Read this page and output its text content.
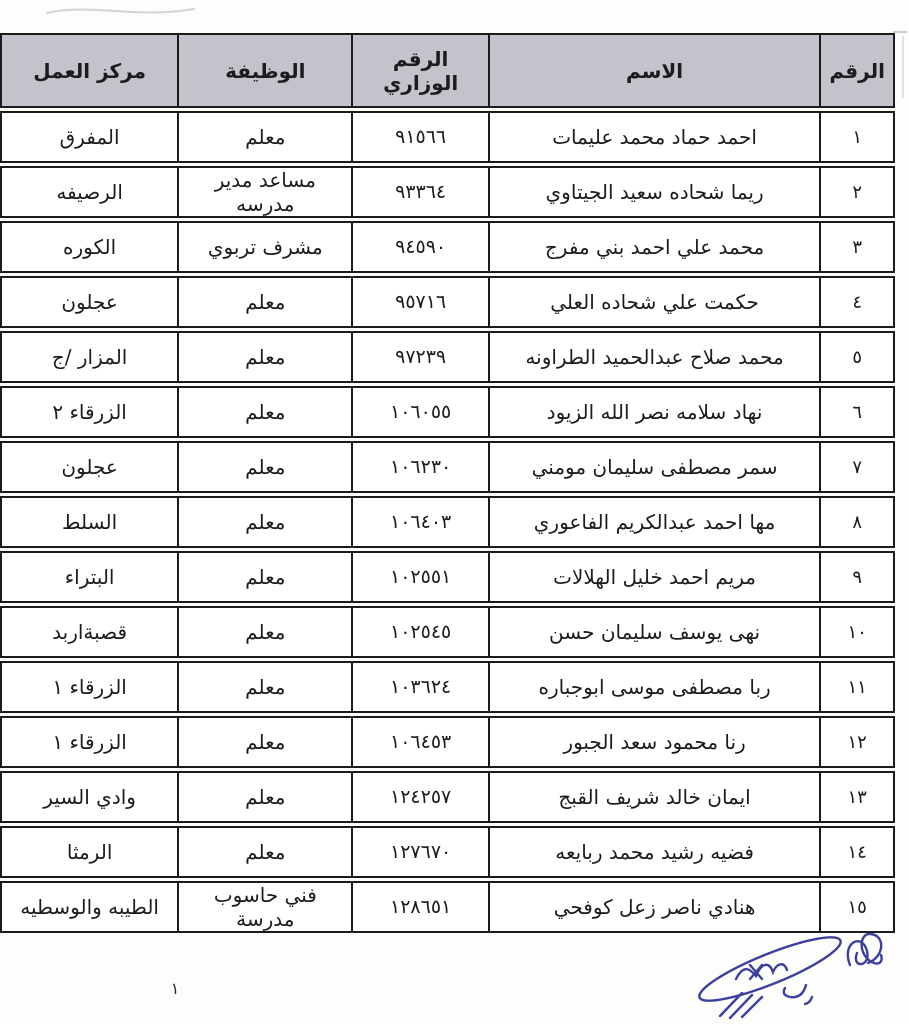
الرقم
الاسم
الرقم الوزاري
الوظيفة
مركز العمل
١
احمد حماد محمد عليمات
٩١٥٦٦
معلم
المفرق
٢
ريما شحاده سعيد الجيتاوي
٩٣٣٦٤
مساعد مدير مدرسه
الرصيفه
٣
محمد علي احمد بني مفرج
٩٤٥٩٠
مشرف تربوي
الكوره
٤
حكمت علي شحاده العلي
٩٥٧١٦
معلم
عجلون
٥
محمد صلاح عبدالحميد الطراونه
٩٧٢٣٩
معلم
المزار /ج
٦
نهاد سلامه نصر الله الزيود
١٠٦٠٥٥
معلم
الزرقاء ٢
٧
سمر مصطفى سليمان مومني
١٠٦٢٣٠
معلم
عجلون
٨
مها احمد عبدالكريم الفاعوري
١٠٦٤٠٣
معلم
السلط
٩
مريم احمد خليل الهلالات
١٠٢٥٥١
معلم
البتراء
١٠
نهى يوسف سليمان حسن
١٠٢٥٤٥
معلم
قصبةاربد
١١
ربا مصطفى موسى ابوجباره
١٠٣٦٢٤
معلم
الزرقاء ١
١٢
رنا محمود سعد الجبور
١٠٦٤٥٣
معلم
الزرقاء ١
١٣
ايمان خالد شريف القبج
١٢٤٢٥٧
معلم
وادي السير
١٤
فضيه رشيد محمد ربايعه
١٢٧٦٧٠
معلم
الرمثا
١٥
هنادي ناصر زعل كوفحي
١٢٨٦٥١
فني حاسوب مدرسة
الطيبه والوسطيه
١
